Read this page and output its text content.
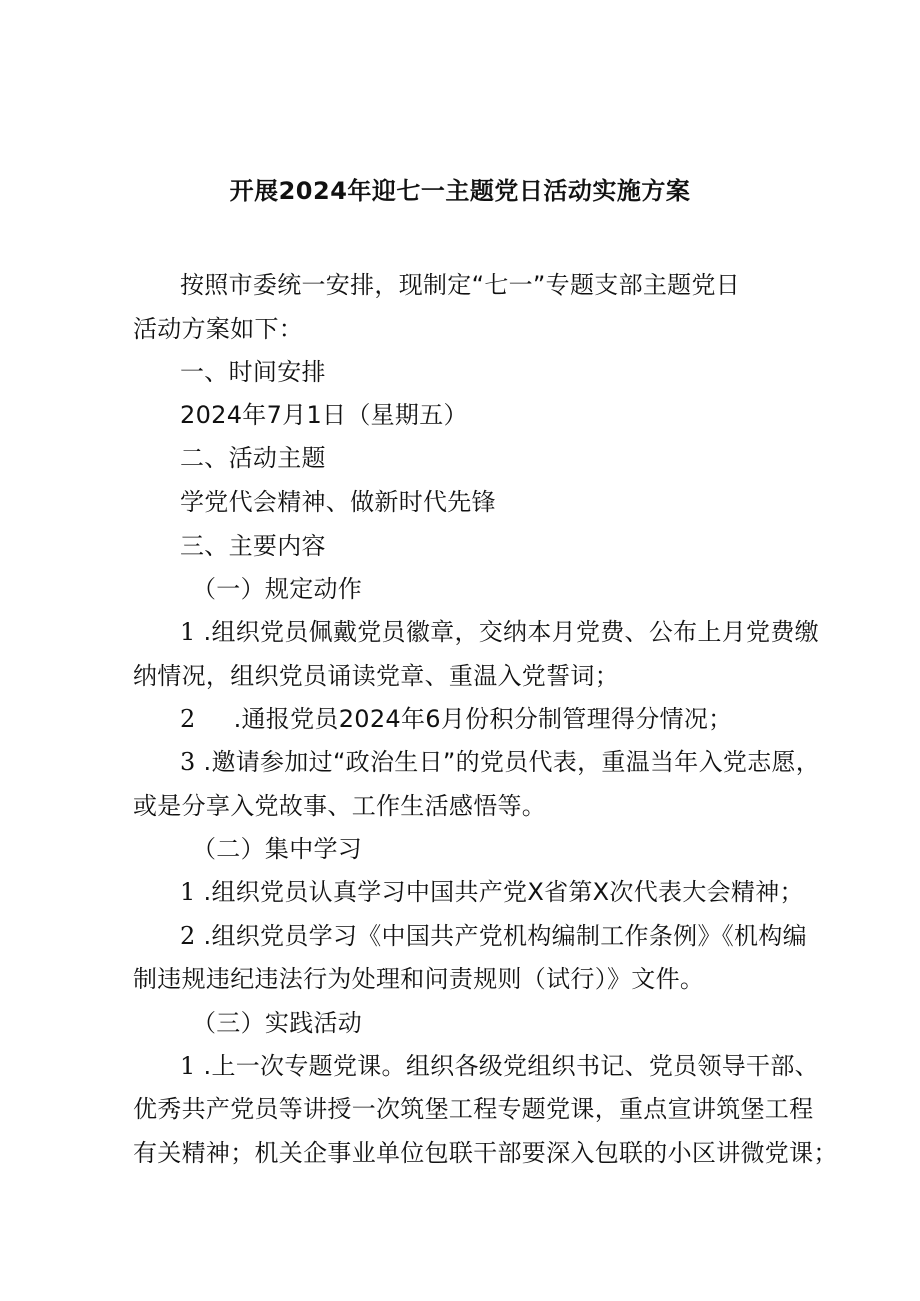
开展2024年迎七一主题党日活动实施方案
按照市委统一安排，现制定“七一”专题支部主题党日
活动方案如下：
一、时间安排
2024年7月1日（星期五）
二、活动主题
学党代会精神、做新时代先锋
三、主要内容
（一）规定动作
1 .组织党员佩戴党员徽章，交纳本月党费、公布上月党费缴
纳情况，组织党员诵读党章、重温入党誓词；
2 .通报党员2024年6月份积分制管理得分情况；
3 .邀请参加过“政治生日”的党员代表，重温当年入党志愿，
或是分享入党故事、工作生活感悟等。
（二）集中学习
1 .组织党员认真学习中国共产党X省第X次代表大会精神；
2 .组织党员学习《中国共产党机构编制工作条例》《机构编
制违规违纪违法行为处理和问责规则（试行）》文件。
（三）实践活动
1 .上一次专题党课。组织各级党组织书记、党员领导干部、
优秀共产党员等讲授一次筑堡工程专题党课，重点宣讲筑堡工程
有关精神；机关企事业单位包联干部要深入包联的小区讲微党课；
